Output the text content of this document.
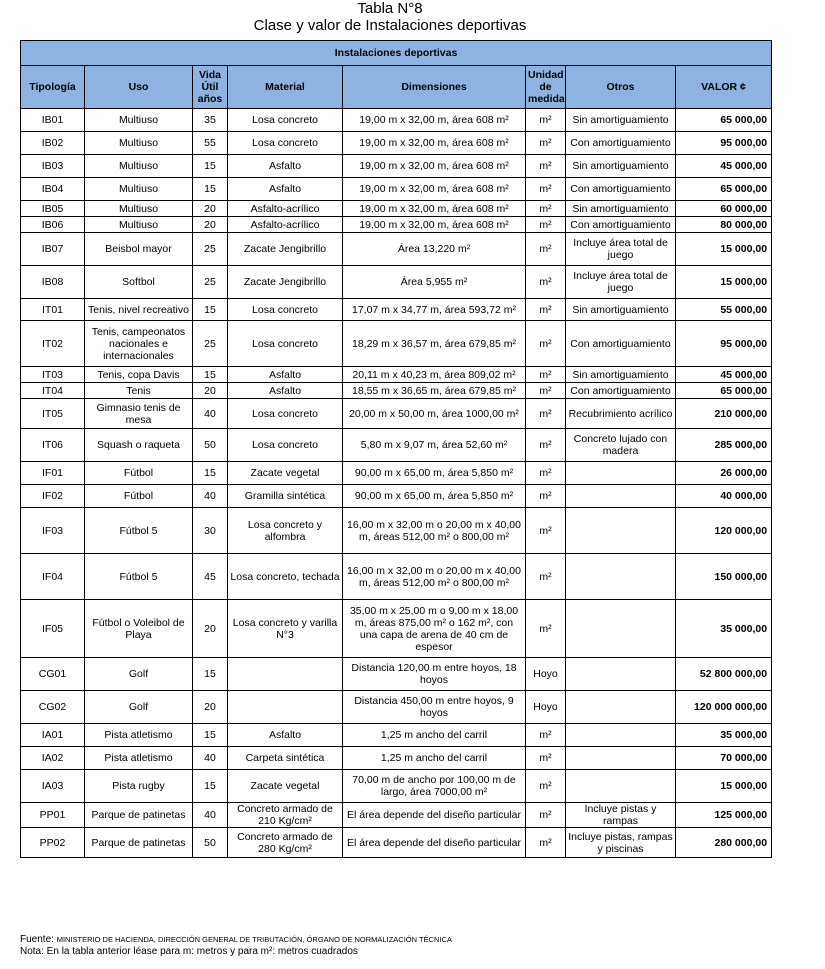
Tabla N°8
Clase y valor de Instalaciones deportivas
Instalaciones deportivas							
Tipología	Uso	Vida Útil años	Material	Dimensiones	Unidad de medida	Otros	VALOR ¢
IB01	Multiuso	35	Losa concreto	19,00 m x 32,00 m, área 608 m²	m²	Sin amortiguamiento	65 000,00
IB02	Multiuso	55	Losa concreto	19,00 m x 32,00 m, área 608 m²	m²	Con amortiguamiento	95 000,00
IB03	Multiuso	15	Asfalto	19,00 m x 32,00 m, área 608 m²	m²	Sin amortiguamiento	45 000,00
IB04	Multiuso	15	Asfalto	19,00 m x 32,00 m, área 608 m²	m²	Con amortiguamiento	65 000,00
IB05	Multiuso	20	Asfalto-acrílico	19,00 m x 32,00 m, área 608 m²	m²	Sin amortiguamiento	60 000,00
IB06	Multiuso	20	Asfalto-acrílico	19,00 m x 32,00 m, área 608 m²	m²	Con amortiguamiento	80 000,00
IB07	Beisbol mayor	25	Zacate Jengibrillo	Área 13,220 m²	m²	Incluye área total de juego	15 000,00
IB08	Softbol	25	Zacate Jengibrillo	Área 5,955 m²	m²	Incluye área total de juego	15 000,00
IT01	Tenis, nivel recreativo	15	Losa concreto	17,07 m x 34,77 m, área 593,72 m²	m²	Sin amortiguamiento	55 000,00
IT02	Tenis, campeonatos nacionales e internacionales	25	Losa concreto	18,29 m x 36,57 m, área 679,85 m²	m²	Con amortiguamiento	95 000,00
IT03	Tenis, copa Davis	15	Asfalto	20,11 m x 40,23 m, área 809,02 m²	m²	Sin amortiguamiento	45 000,00
IT04	Tenis	20	Asfalto	18,55 m x 36,65 m, área 679,85 m²	m²	Con amortiguamiento	65 000,00
IT05	Gimnasio tenis de mesa	40	Losa concreto	20,00 m x 50,00 m, área 1000,00 m²	m²	Recubrimiento acrílico	210 000,00
IT06	Squash o raqueta	50	Losa concreto	5,80 m x 9,07 m, área 52,60 m²	m²	Concreto lujado con madera	285 000,00
IF01	Fútbol	15	Zacate vegetal	90,00 m x 65,00 m, área 5,850 m²	m²		26 000,00
IF02	Fútbol	40	Gramilla sintética	90,00 m x 65,00 m, área 5,850 m²	m²		40 000,00
IF03	Fútbol 5	30	Losa concreto y alfombra	16,00 m x 32,00 m o 20,00 m x 40,00 m, áreas 512,00 m² o 800,00 m²	m²		120 000,00
IF04	Fútbol 5	45	Losa concreto, techada	16,00 m x 32,00 m o 20,00 m x 40,00 m, áreas 512,00 m² o 800,00 m²	m²		150 000,00
IF05	Fútbol o Voleibol de Playa	20	Losa concreto y varilla N°3	35,00 m x 25,00 m o 9,00 m x 18,00 m, áreas 875,00 m² o 162 m², con una capa de arena de 40 cm de espesor	m²		35 000,00
CG01	Golf	15		Distancia 120,00 m entre hoyos, 18 hoyos	Hoyo		52 800 000,00
CG02	Golf	20		Distancia 450,00 m entre hoyos, 9 hoyos	Hoyo		120 000 000,00
IA01	Pista atletismo	15	Asfalto	1,25 m ancho del carril	m²		35 000,00
IA02	Pista atletismo	40	Carpeta sintética	1,25 m ancho del carril	m²		70 000,00
IA03	Pista rugby	15	Zacate vegetal	70,00 m de ancho por 100,00 m de largo, área 7000,00 m²	m²		15 000,00
PP01	Parque de patinetas	40	Concreto armado de 210 Kg/cm²	El área depende del diseño particular	m²	Incluye pistas y rampas	125 000,00
PP02	Parque de patinetas	50	Concreto armado de 280 Kg/cm²	El área depende del diseño particular	m²	Incluye pistas, rampas y piscinas	280 000,00
Fuente: MINISTERIO DE HACIENDA, DIRECCIÓN GENERAL DE TRIBUTACIÓN, ÓRGANO DE NORMALIZACIÓN TÉCNICA
Nota: En la tabla anterior léase para m: metros y para m²: metros cuadrados
